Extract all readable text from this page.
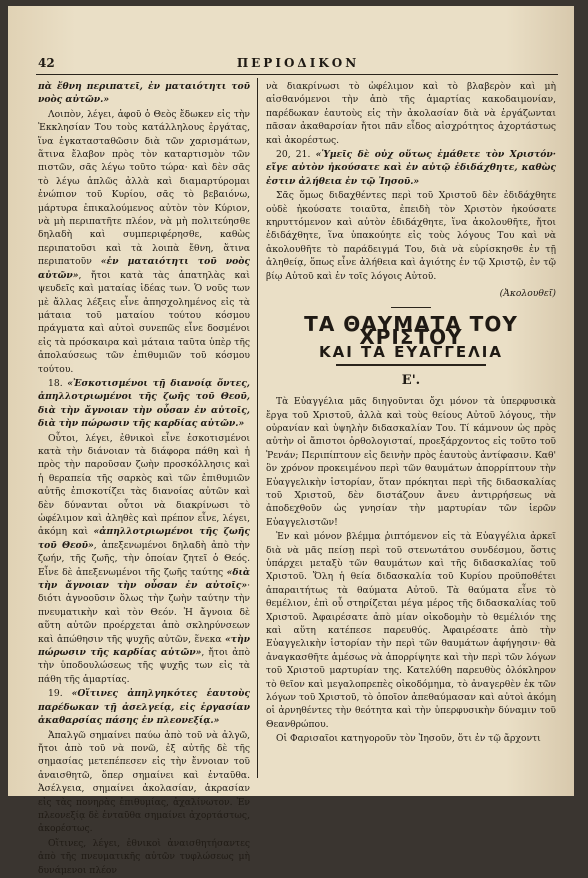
ΠΕΡΙΟΔΙΚΟΝ
42

πὰ ἔθνη περιπατεῖ, ἐν ματαιότητι τοῦ νοὸς αὐτῶν.»

Λοιπὸν, λέγει, ἀφοῦ ὁ Θεὸς ἔδωκεν εἰς τὴν Ἐκκλησίαν Του τοὺς κατάλληλους ἐργάτας, ἵνα ἐγκατασταθῶσιν διὰ τῶν χαρισμάτων, ἅτινα ἔλαβον πρὸς τὸν καταρτισμὸν τῶν πιστῶν, σᾶς λέγω τοῦτο τώρα· καὶ δὲν σᾶς τὸ λέγω ἁπλῶς ἀλλὰ καὶ διαμαρτύρομαι ἐνώπιον τοῦ Κυρίου, σᾶς τὸ βεβαιόνω, μάρτυρα ἐπικαλούμενος αὐτὸν τὸν Κύριον, νὰ μὴ περιπατῆτε πλέον, νὰ μὴ πολιτεύησθε δηλαδὴ καὶ συμπεριφέρησθε, καθὼς περιπατοῦσι καὶ τὰ λοιπὰ ἔθνη, ἅτινα περιπατοῦν «ἐν ματαιότητι τοῦ νοὸς αὐτῶν», ἤτοι κατὰ τὰς ἀπατηλὰς καὶ ψευδεῖς καὶ ματαίας ἰδέας των. Ὁ νοῦς των μὲ ἄλλας λέξεις εἶνε ἀπησχολημένος εἰς τὰ μάταια τοῦ ματαίου τούτου κόσμου πράγματα καὶ αὐτοὶ συνεπῶς εἶνε δοσμένοι εἰς τὰ πρόσκαιρα καὶ μάταια ταῦτα ὑπὲρ τῆς ἀπολαύσεως τῶν ἐπιθυμιῶν τοῦ κόσμου τούτου.

18. «Ἐσκοτισμένοι τῇ διανοίᾳ ὄντες, ἀπηλλοτριωμένοι τῆς ζωῆς τοῦ Θεοῦ, διὰ τὴν ἄγνοιαν τὴν οὖσαν ἐν αὐτοῖς, διὰ τὴν πώρωσιν τῆς καρδίας αὐτῶν.»

Οὗτοι, λέγει, ἐθνικοὶ εἶνε ἐσκοτισμένοι κατὰ τὴν διάνοιαν τὰ διάφορα πάθη καὶ ἡ πρὸς τὴν παροῦσαν ζωὴν προσκόλλησις καὶ ἡ θεραπεία τῆς σαρκὸς καὶ τῶν ἐπιθυμιῶν αὐτῆς ἐπισκοτίζει τὰς διανοίας αὐτῶν καὶ δὲν δύνανται οὗτοι νὰ διακρίνωσι τὸ ὠφέλιμον καὶ ἀληθὲς καὶ πρέπον εἶνε, λέγει, ἀκόμη καὶ «ἀπηλλοτριωμένοι τῆς ζωῆς τοῦ Θεοῦ», ἀπεξενωμένοι δηλαδὴ ἀπὸ τὴν ζωήν, τῆς ζωῆς, τὴν ὁποίαν ζητεῖ ὁ Θεός. Εἶνε δὲ ἀπεξενωμένοι τῆς ζωῆς ταύτης «διὰ τὴν ἄγνοιαν τὴν οὖσαν ἐν αὐτοῖς»· διότι ἀγνοοῦσιν ὅλως τὴν ζωὴν ταύτην τὴν πνευματικὴν καὶ τὸν Θεόν. Ἡ ἄγνοια δὲ αὕτη αὐτῶν προέρχεται ἀπὸ σκληρύνσεων καὶ ἀπώθησιν τῆς ψυχῆς αὐτῶν, ἕνεκα «τὴν πώρωσιν τῆς καρδίας αὐτῶν», ἤτοι ἀπὸ τὴν ὑποδουλώσεως τῆς ψυχῆς των εἰς τὰ πάθη τῆς ἁμαρτίας.

19. «Οἵτινες ἀπηλγηκότες ἑαυτοὺς παρέδωκαν τῇ ἀσελγείᾳ, εἰς ἐργασίαν ἀκαθαρσίας πάσης ἐν πλεονεξίᾳ.»

Ἀπαλγῶ σημαίνει παύω ἀπὸ τοῦ νὰ ἀλγῶ, ἤτοι ἀπὸ τοῦ νὰ πονῶ, ἐξ αὐτῆς δὲ τῆς σημασίας μετεπέπεσεν εἰς τὴν ἔννοιαν τοῦ ἀναισθητῶ, ὅπερ σημαίνει καὶ ἐνταῦθα. Ἀσέλγεια, σημαίνει ἀκολασίαν, ἀκρασίαν εἰς τὰς πονηρὰς ἐπιθυμίας, ἀχαλίνωτον. Ἐν πλεονεξίᾳ δὲ ἐνταῦθα σημαίνει ἀχορτάστως, ἀκορέστως.

Οἵτινες, λέγει, ἐθνικοὶ ἀναισθητήσαντες ἀπὸ τῆς πνευματικῆς αὐτῶν τυφλώσεως μὴ δυνάμενοι πλέον

νὰ διακρίνωσι τὸ ὠφέλιμον καὶ τὸ βλαβερὸν καὶ μὴ αἰσθανόμενοι τὴν ἀπὸ τῆς ἁμαρτίας κακοδαιμονίαν, παρέδωκαν ἑαυτοὺς εἰς τὴν ἀκολασίαν διὰ νὰ ἐργάζωνται πᾶσαν ἀκαθαρσίαν ἤτοι πᾶν εἶδος αἰσχρότητος ἀχορτάστως καὶ ἀκορέστως.

20, 21. «Ὑμεῖς δὲ οὐχ οὕτως ἐμάθετε τὸν Χριστόν· εἴγε αὐτὸν ἠκούσατε καὶ ἐν αὐτῷ ἐδιδάχθητε, καθὼς ἐστιν ἀλήθεια ἐν τῷ Ἰησοῦ.»

Σᾶς ὅμως διδαχθέντες περὶ τοῦ Χριστοῦ δὲν ἐδιδάχθητε οὐδὲ ἠκούσατε τοιαῦτα, ἐπειδὴ τὸν Χριστὸν ἠκούσατε κηρυττόμενον καὶ αὐτὸν ἐδιδάχθητε, ἵνα ἀκολουθῆτε, ἤτοι ἐδιδάχθητε, ἵνα ὑπακούητε εἰς τοὺς λόγους Του καὶ νὰ ἀκολουθῆτε τὸ παράδειγμά Του, διὰ νὰ εὑρίσκησθε ἐν τῇ ἀληθείᾳ, ὅπως εἶνε ἀλήθεια καὶ ἁγιότης ἐν τῷ Χριστῷ, ἐν τῷ βίῳ Αὐτοῦ καὶ ἐν τοῖς λόγοις Αὐτοῦ.

(Ἀκολουθεῖ)
ΤΑ ΘΑΥΜΑΤΑ ΤΟΥ ΧΡΙΣΤΟΥ
ΚΑΙ ΤΑ ΕΥΑΓΓΕΛΙΑ
Ε'.

Τὰ Εὐαγγέλια μᾶς διηγοῦνται ὄχι μόνον τὰ ὑπερφυσικὰ ἔργα τοῦ Χριστοῦ, ἀλλὰ καὶ τοὺς θείους Αὐτοῦ λόγους, τὴν οὐρανίαν καὶ ὑψηλὴν διδασκαλίαν Του. Τί κάμνουν ὡς πρὸς αὐτὴν οἱ ἄπιστοι ὀρθολογισταί, προεξάρχοντος εἰς τοῦτο τοῦ Ῥενάν; Περιπίπτουν εἰς δεινὴν πρὸς ἑαυτοὺς ἀντίφασιν. Καθ' ὃν χρόνον προκειμένου περὶ τῶν θαυμάτων ἀπορρίπτουν τὴν Εὐαγγελικὴν ἱστορίαν, ὅταν πρόκηται περὶ τῆς διδασκαλίας τοῦ Χριστοῦ, δὲν διστάζουν ἄνευ ἀντιρρήσεως νὰ ἀποδεχθοῦν ὡς γνησίαν τὴν μαρτυρίαν τῶν ἱερῶν Εὐαγγελιστῶν!

Ἐν καὶ μόνον βλέμμα ῥιπτόμενον εἰς τὰ Εὐαγγέλια ἀρκεῖ διὰ νὰ μᾶς πείσῃ περὶ τοῦ στενωτάτου συνδέσμου, ὅστις ὑπάρχει μεταξὺ τῶν θαυμάτων καὶ τῆς διδασκαλίας τοῦ Χριστοῦ. Ὅλη ἡ θεία διδασκαλία τοῦ Κυρίου προϋποθέτει ἀπαραιτήτως τὰ θαύματα Αὐτοῦ. Τὰ θαύματα εἶνε τὸ θεμέλιον, ἐπὶ οὗ στηρίζεται μέγα μέρος τῆς διδασκαλίας τοῦ Χριστοῦ. Ἀφαιρέσατε ἀπὸ μίαν οἰκοδομὴν τὸ θεμέλιόν της καὶ αὕτη κατέπεσε παρευθύς. Ἀφαιρέσατε ἀπὸ τὴν Εὐαγγελικὴν ἱστορίαν τὴν περὶ τῶν θαυμάτων ἀφήγησιν· θὰ ἀναγκασθῆτε ἀμέσως νὰ ἀπορρίψητε καὶ τὴν περὶ τῶν λόγων τοῦ Χριστοῦ μαρτυρίαν της. Κατελύθη παρευθὺς ὁλόκληρον τὸ θεῖον καὶ μεγαλοπρεπὲς οἰκοδόμημα, τὸ ἀναγερθὲν ἐκ τῶν λόγων τοῦ Χριστοῦ, τὸ ὁποῖον ἀπεθαύμασαν καὶ αὐτοὶ ἀκόμη οἱ ἀρνηθέντες τὴν θεότητα καὶ τὴν ὑπερφυσικὴν δύναμιν τοῦ Θεανθρώπου.

Οἱ Φαρισαῖοι κατηγοροῦν τὸν Ἰησοῦν, ὅτι ἐν τῷ ἄρχοντι
